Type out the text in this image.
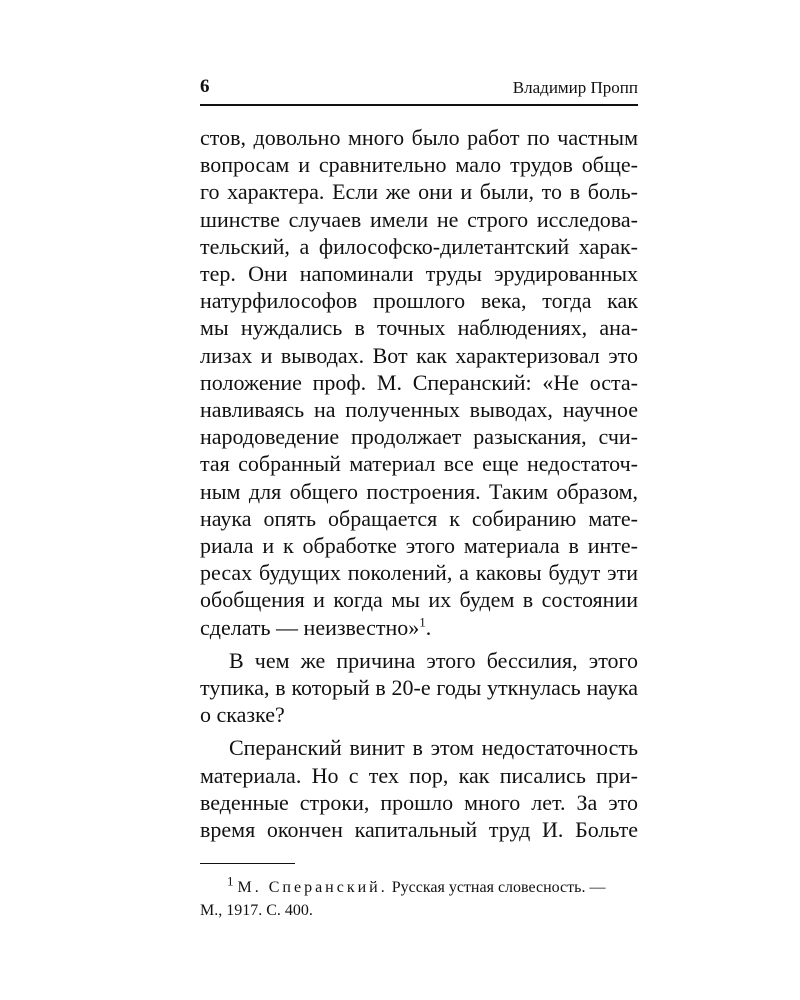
6	Владимир Пропп
стов, довольно много было работ по частным
вопросам и сравнительно мало трудов обще-
го характера. Если же они и были, то в боль-
шинстве случаев имели не строго исследова-
тельский, а философско-дилетантский харак-
тер. Они напоминали труды эрудированных
натурфилософов прошлого века, тогда как
мы нуждались в точных наблюдениях, ана-
лизах и выводах. Вот как характеризовал это
положение проф. М. Сперанский: «Не оста-
навливаясь на полученных выводах, научное
народоведение продолжает разыскания, счи-
тая собранный материал все еще недостаточ-
ным для общего построения. Таким образом,
наука опять обращается к собиранию мате-
риала и к обработке этого материала в инте-
ресах будущих поколений, а каковы будут эти
обобщения и когда мы их будем в состоянии
сделать — неизвестно»$^1$.
В чем же причина этого бессилия, этого
тупика, в который в 20-е годы уткнулась наука
о сказке?
Сперанский винит в этом недостаточность
материала. Но с тех пор, как писались при-
веденные строки, прошло много лет. За это
время окончен капитальный труд И. Больте
$^1$ М. Сперанский. Русская устная словесность. —
М., 1917. С. 400.
